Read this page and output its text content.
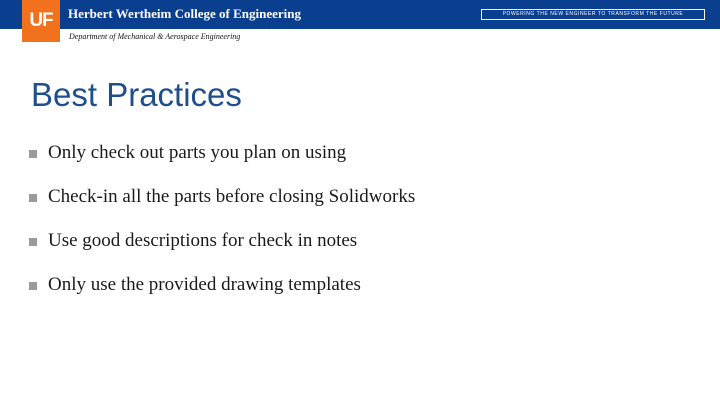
Herbert Wertheim College of Engineering	POWERING THE NEW ENGINEER TO TRANSFORM THE FUTURE
UF
Department of Mechanical & Aerospace Engineering
Best Practices
Only check out parts you plan on using
Check-in all the parts before closing Solidworks
Use good descriptions for check in notes
Only use the provided drawing templates
